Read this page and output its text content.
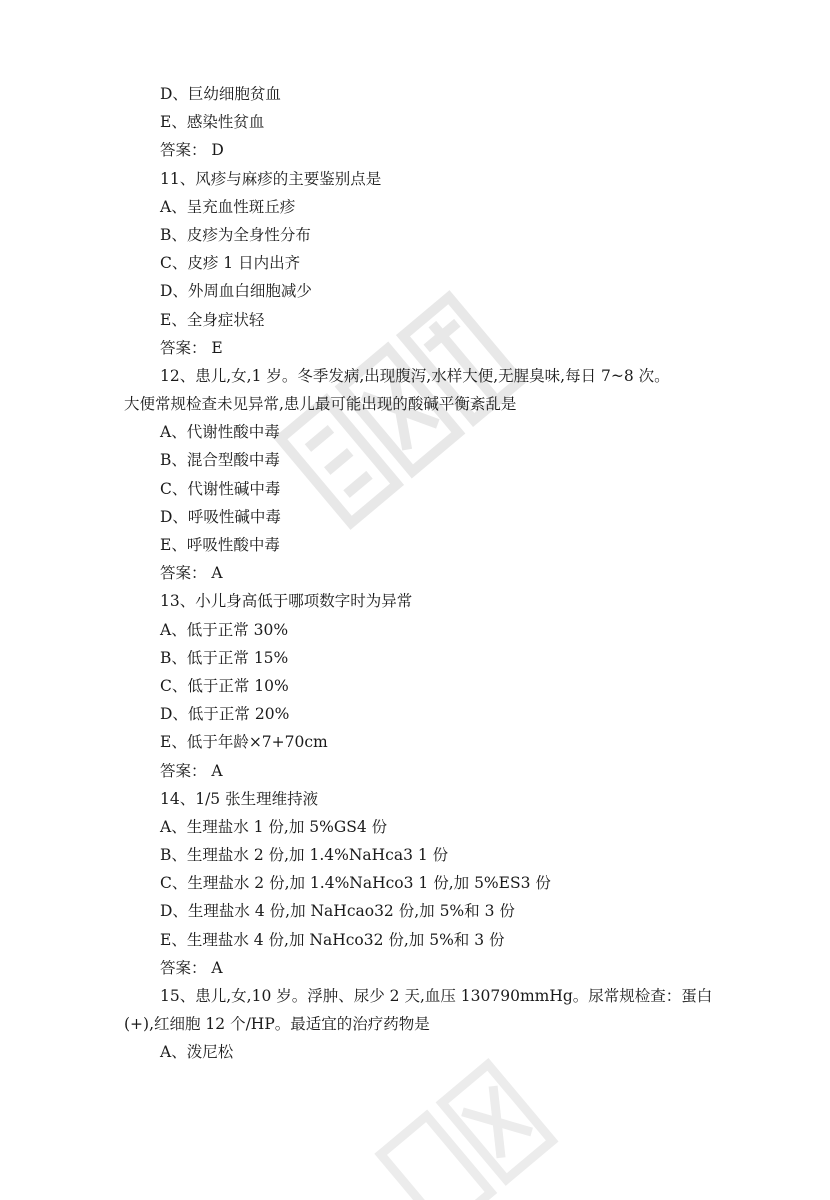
D、巨幼细胞贫血
E、感染性贫血
答案： D
11、风疹与麻疹的主要鉴别点是
A、呈充血性斑丘疹
B、皮疹为全身性分布
C、皮疹 1 日内出齐
D、外周血白细胞减少
E、全身症状轻
答案： E
12、患儿,女,1 岁。冬季发病,出现腹泻,水样大便,无腥臭味,每日 7~8 次。
大便常规检查未见异常,患儿最可能出现的酸碱平衡紊乱是
A、代谢性酸中毒
B、混合型酸中毒
C、代谢性碱中毒
D、呼吸性碱中毒
E、呼吸性酸中毒
答案： A
13、小儿身高低于哪项数字时为异常
A、低于正常 30%
B、低于正常 15%
C、低于正常 10%
D、低于正常 20%
E、低于年龄×7+70cm
答案： A
14、1/5 张生理维持液
A、生理盐水 1 份,加 5%GS4 份
B、生理盐水 2 份,加 1.4%NaHca3 1 份
C、生理盐水 2 份,加 1.4%NaHco3 1 份,加 5%ES3 份
D、生理盐水 4 份,加 NaHcao32 份,加 5%和 3 份
E、生理盐水 4 份,加 NaHco32 份,加 5%和 3 份
答案： A
15、患儿,女,10 岁。浮肿、尿少 2 天,血压 130790mmHg。尿常规检查：蛋白
(+),红细胞 12 个/HP。最适宜的治疗药物是
A、泼尼松
